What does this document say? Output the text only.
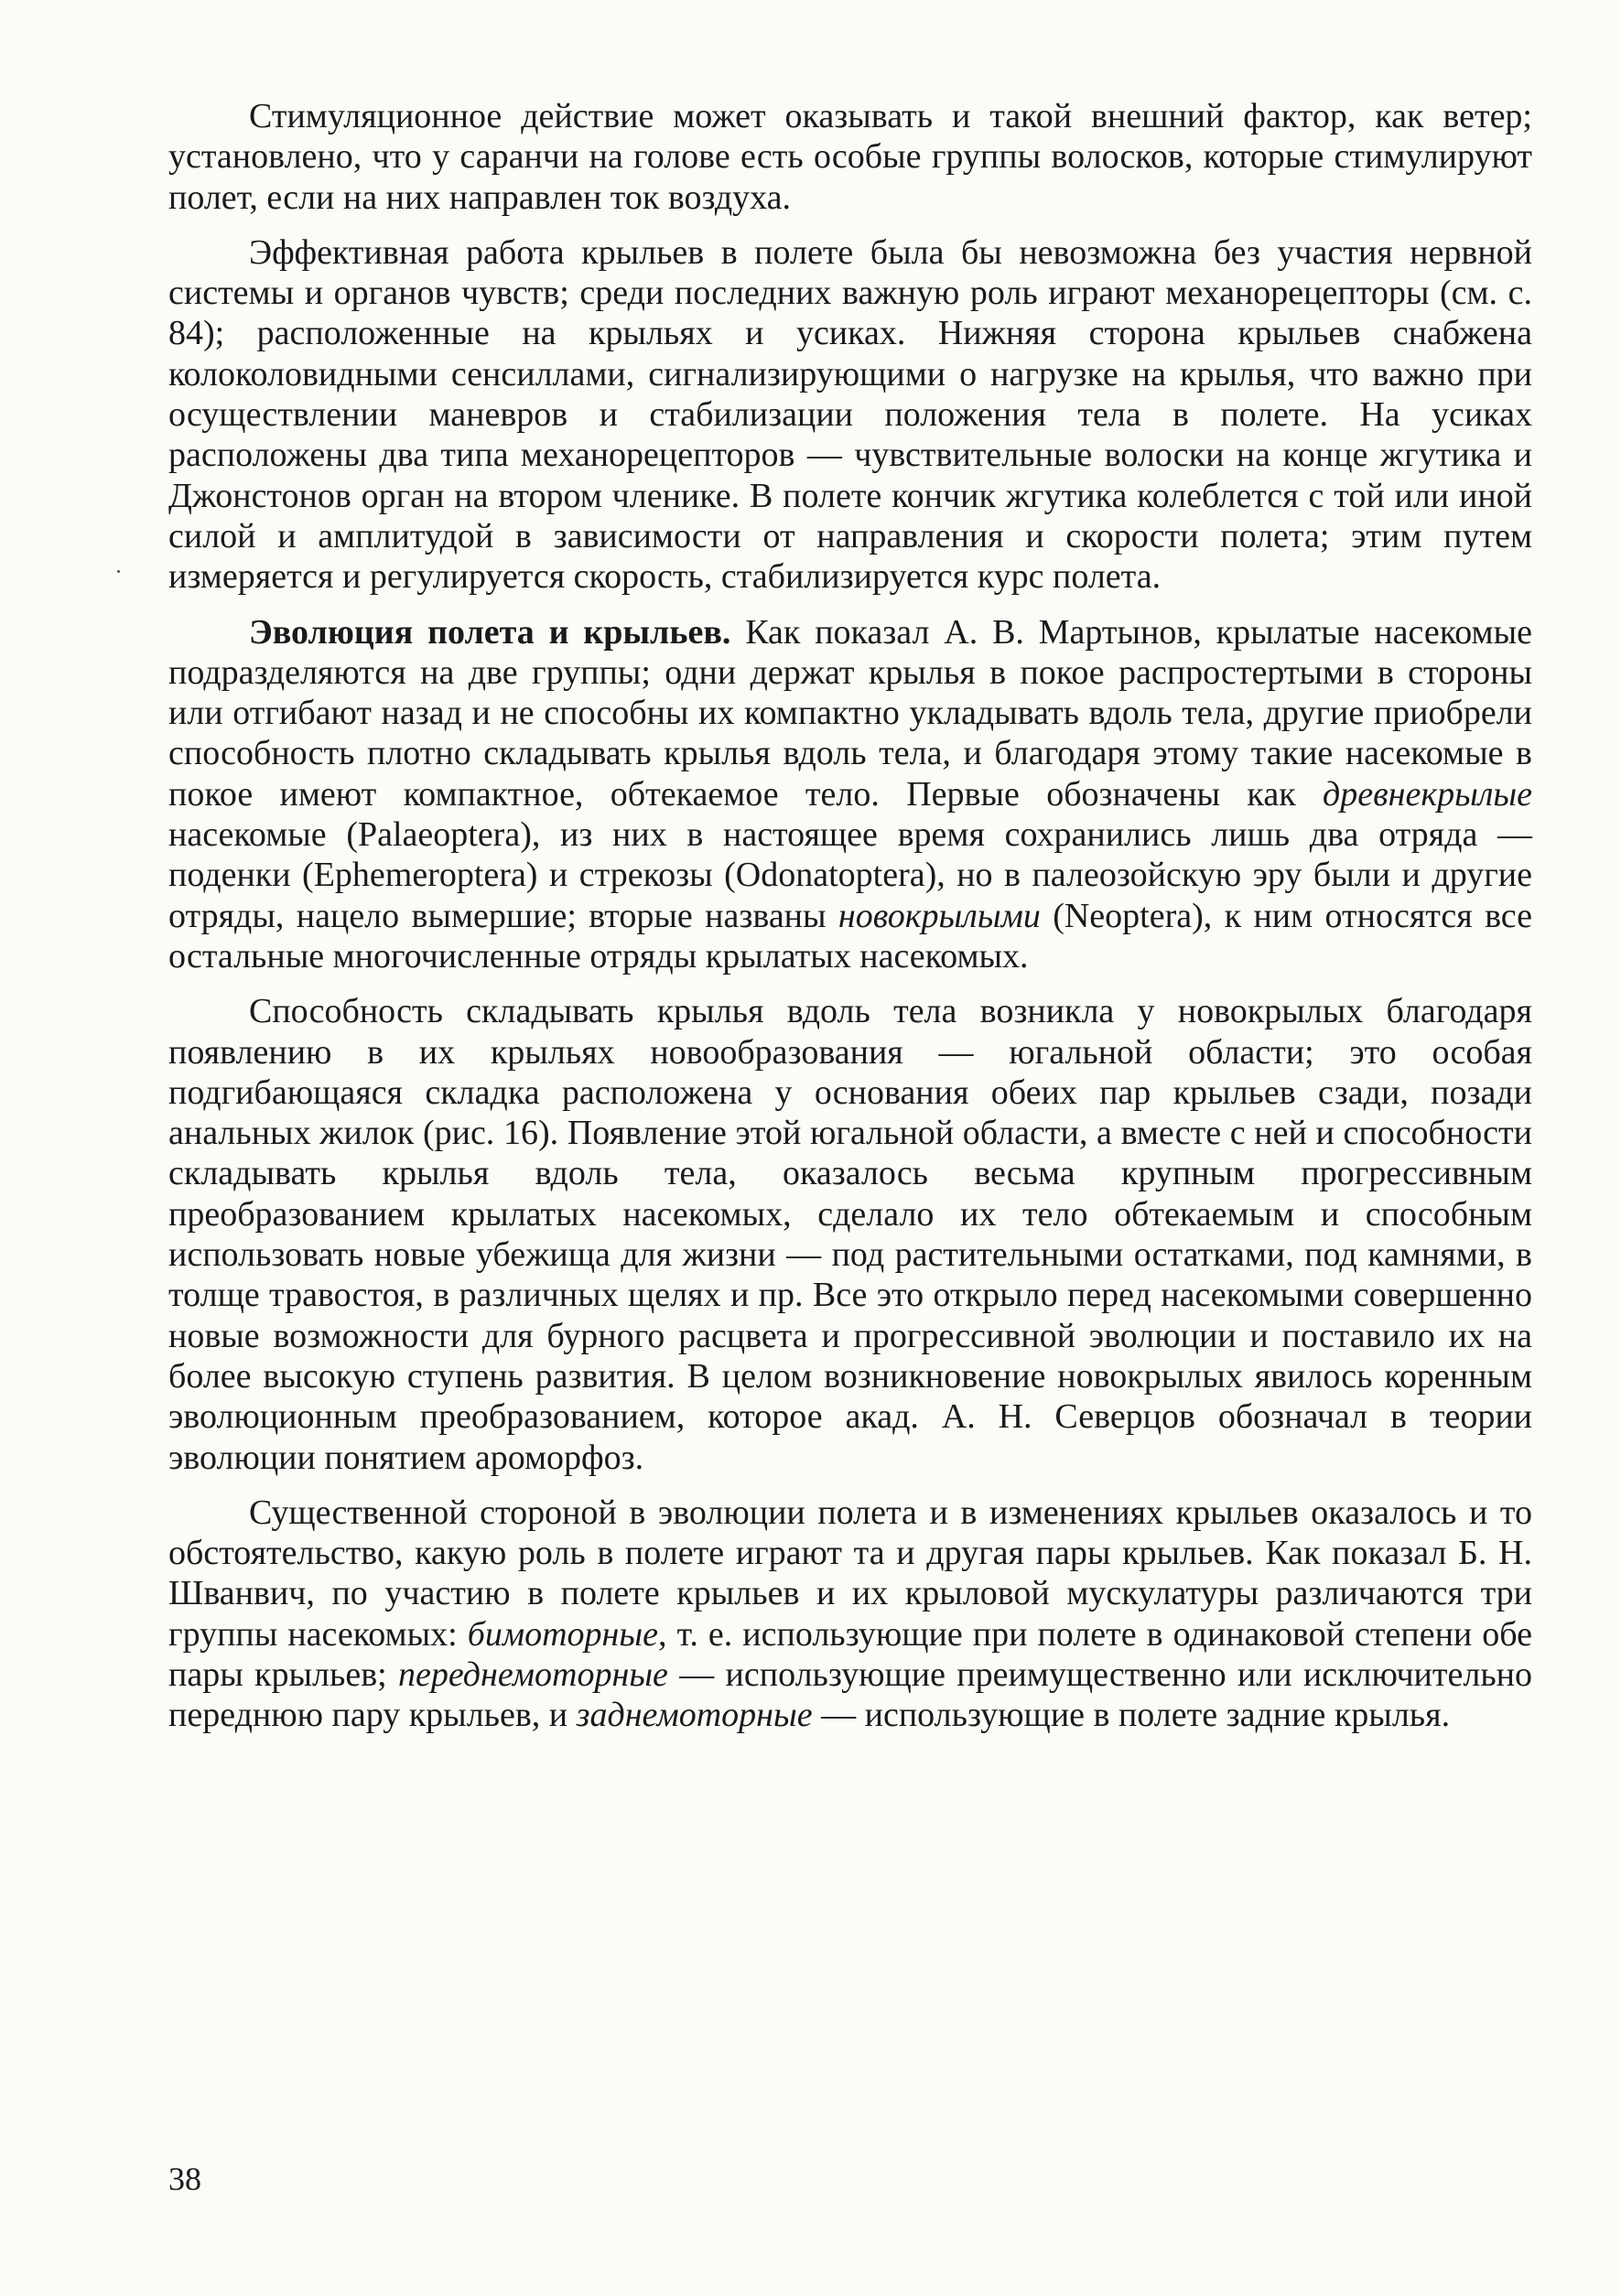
Стимуляционное действие может оказывать и такой внешний фактор, как ветер; установлено, что у саранчи на голове есть особые группы волосков, которые стимулируют полет, если на них направлен ток воздуха.

Эффективная работа крыльев в полете была бы невозможна без участия нервной системы и органов чувств; среди последних важную роль играют механорецепторы (см. с. 84); расположенные на крыльях и усиках. Нижняя сторона крыльев снабжена колоколовидными сенсиллами, сигнализирующими о нагрузке на крылья, что важно при осуществлении маневров и стабилизации положения тела в полете. На усиках расположены два типа механорецепторов — чувствительные волоски на конце жгутика и Джонстонов орган на втором членике. В полете кончик жгутика колеблется с той или иной силой и амплитудой в зависимости от направления и скорости полета; этим путем измеряется и регулируется скорость, стабилизируется курс полета.

Эволюция полета и крыльев. Как показал А. В. Мартынов, крылатые насекомые подразделяются на две группы; одни держат крылья в покое распростертыми в стороны или отгибают назад и не способны их компактно укладывать вдоль тела, другие приобрели способность плотно складывать крылья вдоль тела, и благодаря этому такие насекомые в покое имеют компактное, обтекаемое тело. Первые обозначены как древнекрылые насекомые (Palaeoptera), из них в настоящее время сохранились лишь два отряда — поденки (Ephemeroptera) и стрекозы (Odonatoptera), но в палеозойскую эру были и другие отряды, нацело вымершие; вторые названы новокрылыми (Neoptera), к ним относятся все остальные многочисленные отряды крылатых насекомых.

Способность складывать крылья вдоль тела возникла у новокрылых благодаря появлению в их крыльях новообразования — югальной области; это особая подгибающаяся складка расположена у основания обеих пар крыльев сзади, позади анальных жилок (рис. 16). Появление этой югальной области, а вместе с ней и способности складывать крылья вдоль тела, оказалось весьма крупным прогрессивным преобразованием крылатых насекомых, сделало их тело обтекаемым и способным использовать новые убежища для жизни — под растительными остатками, под камнями, в толще травостоя, в различных щелях и пр. Все это открыло перед насекомыми совершенно новые возможности для бурного расцвета и прогрессивной эволюции и поставило их на более высокую ступень развития. В целом возникновение новокрылых явилось коренным эволюционным преобразованием, которое акад. А. Н. Северцов обозначал в теории эволюции понятием ароморфоз.

Существенной стороной в эволюции полета и в изменениях крыльев оказалось и то обстоятельство, какую роль в полете играют та и другая пары крыльев. Как показал Б. Н. Шванвич, по участию в полете крыльев и их крыловой мускулатуры различаются три группы насекомых: бимоторные, т. е. использующие при полете в одинаковой степени обе пары крыльев; переднемоторные — использующие преимущественно или исключительно переднюю пару крыльев, и заднемоторные — использующие в полете задние крылья.

38
